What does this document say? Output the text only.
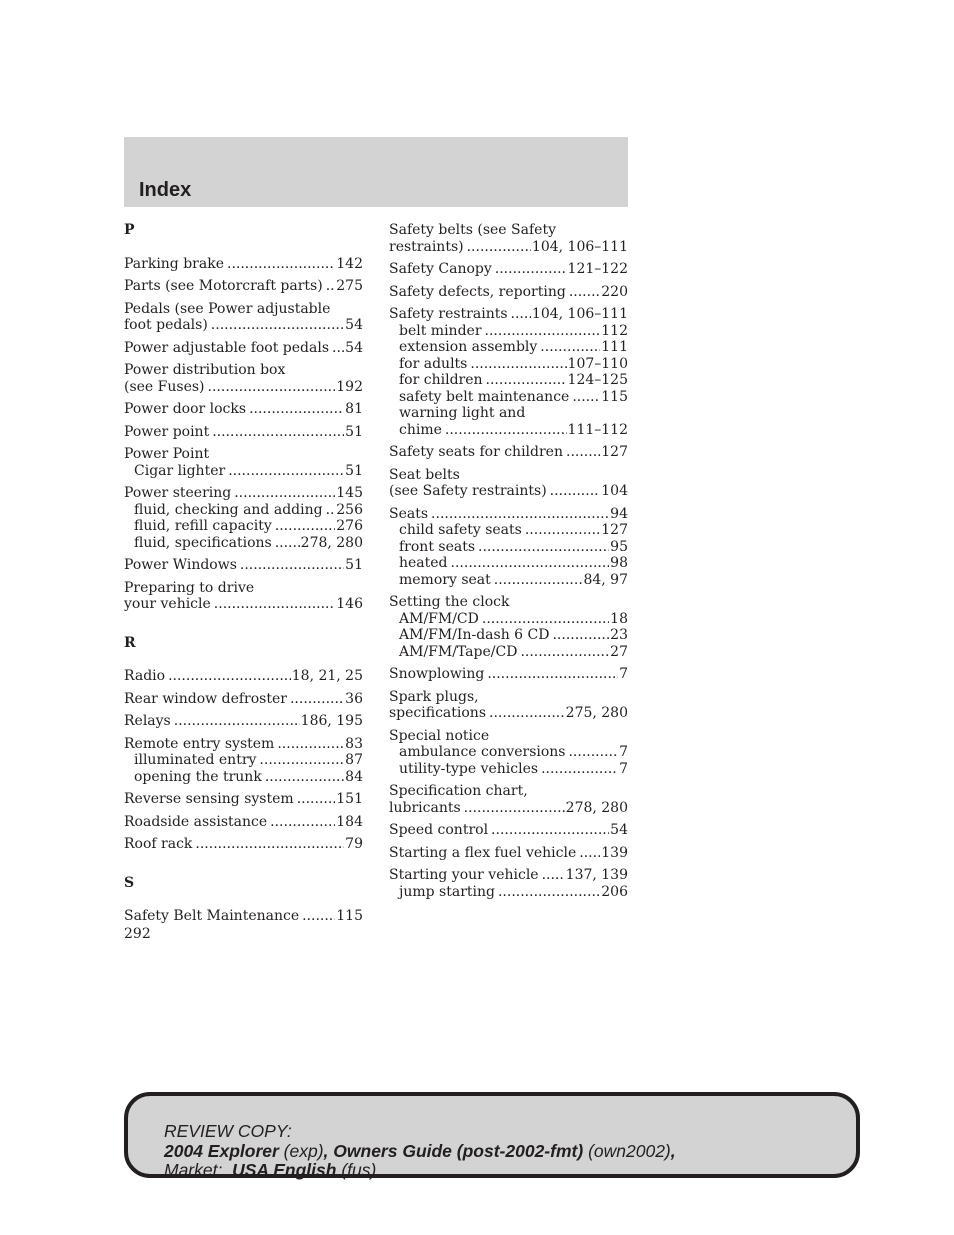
Index
P
Parking brake .....	142
Parts (see Motorcraft parts) ..... 275
Pedals (see Power adjustable
foot pedals) .....	54
Power adjustable foot pedals ..... 54
Power distribution box
(see Fuses) .....	192
Power door locks .....	81
Power point .....	51
Power Point
Cigar lighter .....	51
Power steering .....	145
fluid, checking and adding ..... 256
fluid, refill capacity .....	276
fluid, specifications ..... 278, 280
Power Windows .....	51
Preparing to drive
your vehicle .....	146
R
Radio .....	18, 21, 25
Rear window defroster .....	36
Relays .....	186, 195
Remote entry system .....	83
illuminated entry .....	87
opening the trunk .....	84
Reverse sensing system .....	151
Roadside assistance .....	184
Roof rack .....	79
S
Safety Belt Maintenance .....	115
Safety belts (see Safety
restraints) .....	104, 106–111
Safety Canopy .....	121–122
Safety defects, reporting .....	220
Safety restraints ..... 104, 106–111
belt minder .....	112
extension assembly .....	111
for adults .....	107–110
for children .....	124–125
safety belt maintenance ..... 115
warning light and
chime .....	111–112
Safety seats for children .....	127
Seat belts
(see Safety restraints) .....	104
Seats .....	94
child safety seats .....	127
front seats .....	95
heated .....	98
memory seat .....	84, 97
Setting the clock
AM/FM/CD .....	18
AM/FM/In-dash 6 CD .....	23
AM/FM/Tape/CD .....	27
Snowplowing .....	7
Spark plugs,
specifications .....	275, 280
Special notice
ambulance conversions .....	7
utility-type vehicles .....	7
Specification chart,
lubricants .....	278, 280
Speed control .....	54
Starting a flex fuel vehicle ..... 139
Starting your vehicle ..... 137, 139
jump starting .....	206
292
REVIEW COPY:
2004 Explorer (exp), Owners Guide (post-2002-fmt) (own2002),
Market: USA English (fus)
